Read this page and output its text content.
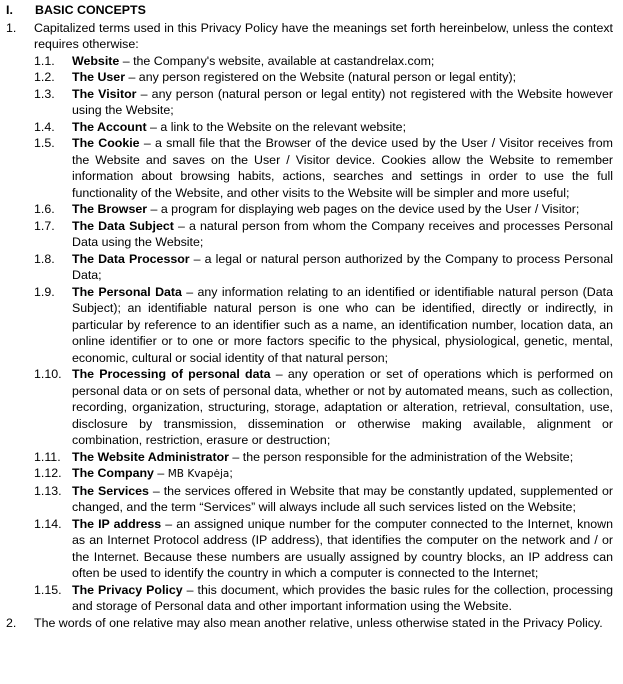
I.	BASIC CONCEPTS
1.	Capitalized terms used in this Privacy Policy have the meanings set forth hereinbelow, unless the context requires otherwise:
1.1.	Website – the Company's website, available at castandrelax.com;
1.2.	The User – any person registered on the Website (natural person or legal entity);
1.3.	The Visitor – any person (natural person or legal entity) not registered with the Website however using the Website;
1.4.	The Account – a link to the Website on the relevant website;
1.5.	The Cookie – a small file that the Browser of the device used by the User / Visitor receives from the Website and saves on the User / Visitor device. Cookies allow the Website to remember information about browsing habits, actions, searches and settings in order to use the full functionality of the Website, and other visits to the Website will be simpler and more useful;
1.6.	The Browser – a program for displaying web pages on the device used by the User / Visitor;
1.7.	The Data Subject – a natural person from whom the Company receives and processes Personal Data using the Website;
1.8.	The Data Processor – a legal or natural person authorized by the Company to process Personal Data;
1.9.	The Personal Data – any information relating to an identified or identifiable natural person (Data Subject); an identifiable natural person is one who can be identified, directly or indirectly, in particular by reference to an identifier such as a name, an identification number, location data, an online identifier or to one or more factors specific to the physical, physiological, genetic, mental, economic, cultural or social identity of that natural person;
1.10. The Processing of personal data – any operation or set of operations which is performed on personal data or on sets of personal data, whether or not by automated means, such as collection, recording, organization, structuring, storage, adaptation or alteration, retrieval, consultation, use, disclosure by transmission, dissemination or otherwise making available, alignment or combination, restriction, erasure or destruction;
1.11. The Website Administrator – the person responsible for the administration of the Website;
1.12. The Company – MB Kvapėja;
1.13. The Services – the services offered in Website that may be constantly updated, supplemented or changed, and the term “Services” will always include all such services listed on the Website;
1.14. The IP address – an assigned unique number for the computer connected to the Internet, known as an Internet Protocol address (IP address), that identifies the computer on the network and / or the Internet. Because these numbers are usually assigned by country blocks, an IP address can often be used to identify the country in which a computer is connected to the Internet;
1.15. The Privacy Policy – this document, which provides the basic rules for the collection, processing and storage of Personal data and other important information using the Website.
2.	The words of one relative may also mean another relative, unless otherwise stated in the Privacy Policy.
